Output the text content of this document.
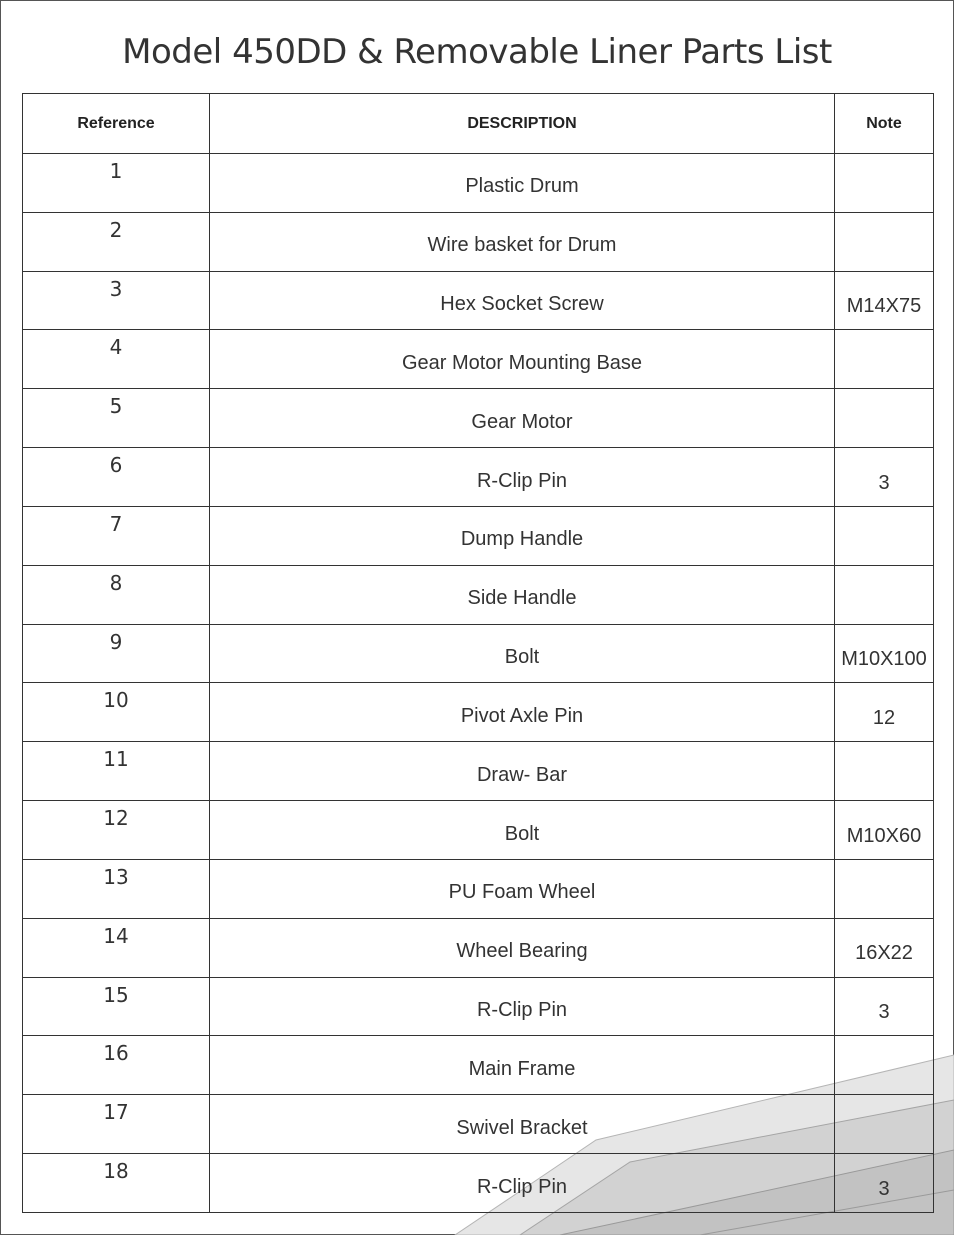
Model 450DD & Removable Liner Parts List
Reference	DESCRIPTION	Note
1	Plastic Drum	
2	Wire basket for Drum	
3	Hex Socket Screw	M14X75
4	Gear Motor Mounting Base	
5	Gear Motor	
6	R-Clip Pin	3
7	Dump Handle	
8	Side Handle	
9	Bolt	M10X100
10	Pivot Axle Pin	12
11	Draw- Bar	
12	Bolt	M10X60
13	PU Foam Wheel	
14	Wheel Bearing	16X22
15	R-Clip Pin	3
16	Main Frame	
17	Swivel Bracket	
18	R-Clip Pin	3
